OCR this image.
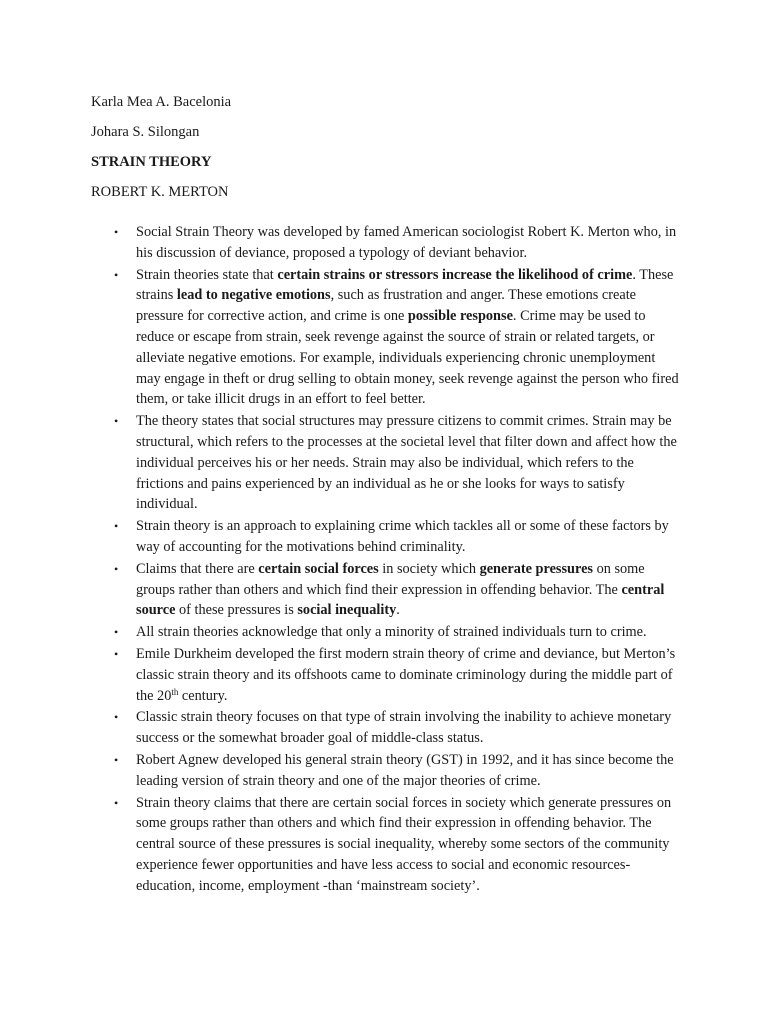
Karla Mea A. Bacelonia
Johara S. Silongan
STRAIN THEORY
ROBERT K. MERTON
• Social Strain Theory was developed by famed American sociologist Robert K. Merton who, in his discussion of deviance, proposed a typology of deviant behavior.
• Strain theories state that certain strains or stressors increase the likelihood of crime. These strains lead to negative emotions, such as frustration and anger. These emotions create pressure for corrective action, and crime is one possible response. Crime may be used to reduce or escape from strain, seek revenge against the source of strain or related targets, or alleviate negative emotions. For example, individuals experiencing chronic unemployment may engage in theft or drug selling to obtain money, seek revenge against the person who fired them, or take illicit drugs in an effort to feel better.
• The theory states that social structures may pressure citizens to commit crimes. Strain may be structural, which refers to the processes at the societal level that filter down and affect how the individual perceives his or her needs. Strain may also be individual, which refers to the frictions and pains experienced by an individual as he or she looks for ways to satisfy individual.
• Strain theory is an approach to explaining crime which tackles all or some of these factors by way of accounting for the motivations behind criminality.
• Claims that there are certain social forces in society which generate pressures on some groups rather than others and which find their expression in offending behavior. The central source of these pressures is social inequality.
• All strain theories acknowledge that only a minority of strained individuals turn to crime.
• Emile Durkheim developed the first modern strain theory of crime and deviance, but Merton’s classic strain theory and its offshoots came to dominate criminology during the middle part of the 20th century.
• Classic strain theory focuses on that type of strain involving the inability to achieve monetary success or the somewhat broader goal of middle-class status.
• Robert Agnew developed his general strain theory (GST) in 1992, and it has since become the leading version of strain theory and one of the major theories of crime.
• Strain theory claims that there are certain social forces in society which generate pressures on some groups rather than others and which find their expression in offending behavior. The central source of these pressures is social inequality, whereby some sectors of the community experience fewer opportunities and have less access to social and economic resources- education, income, employment -than ‘mainstream society’.
